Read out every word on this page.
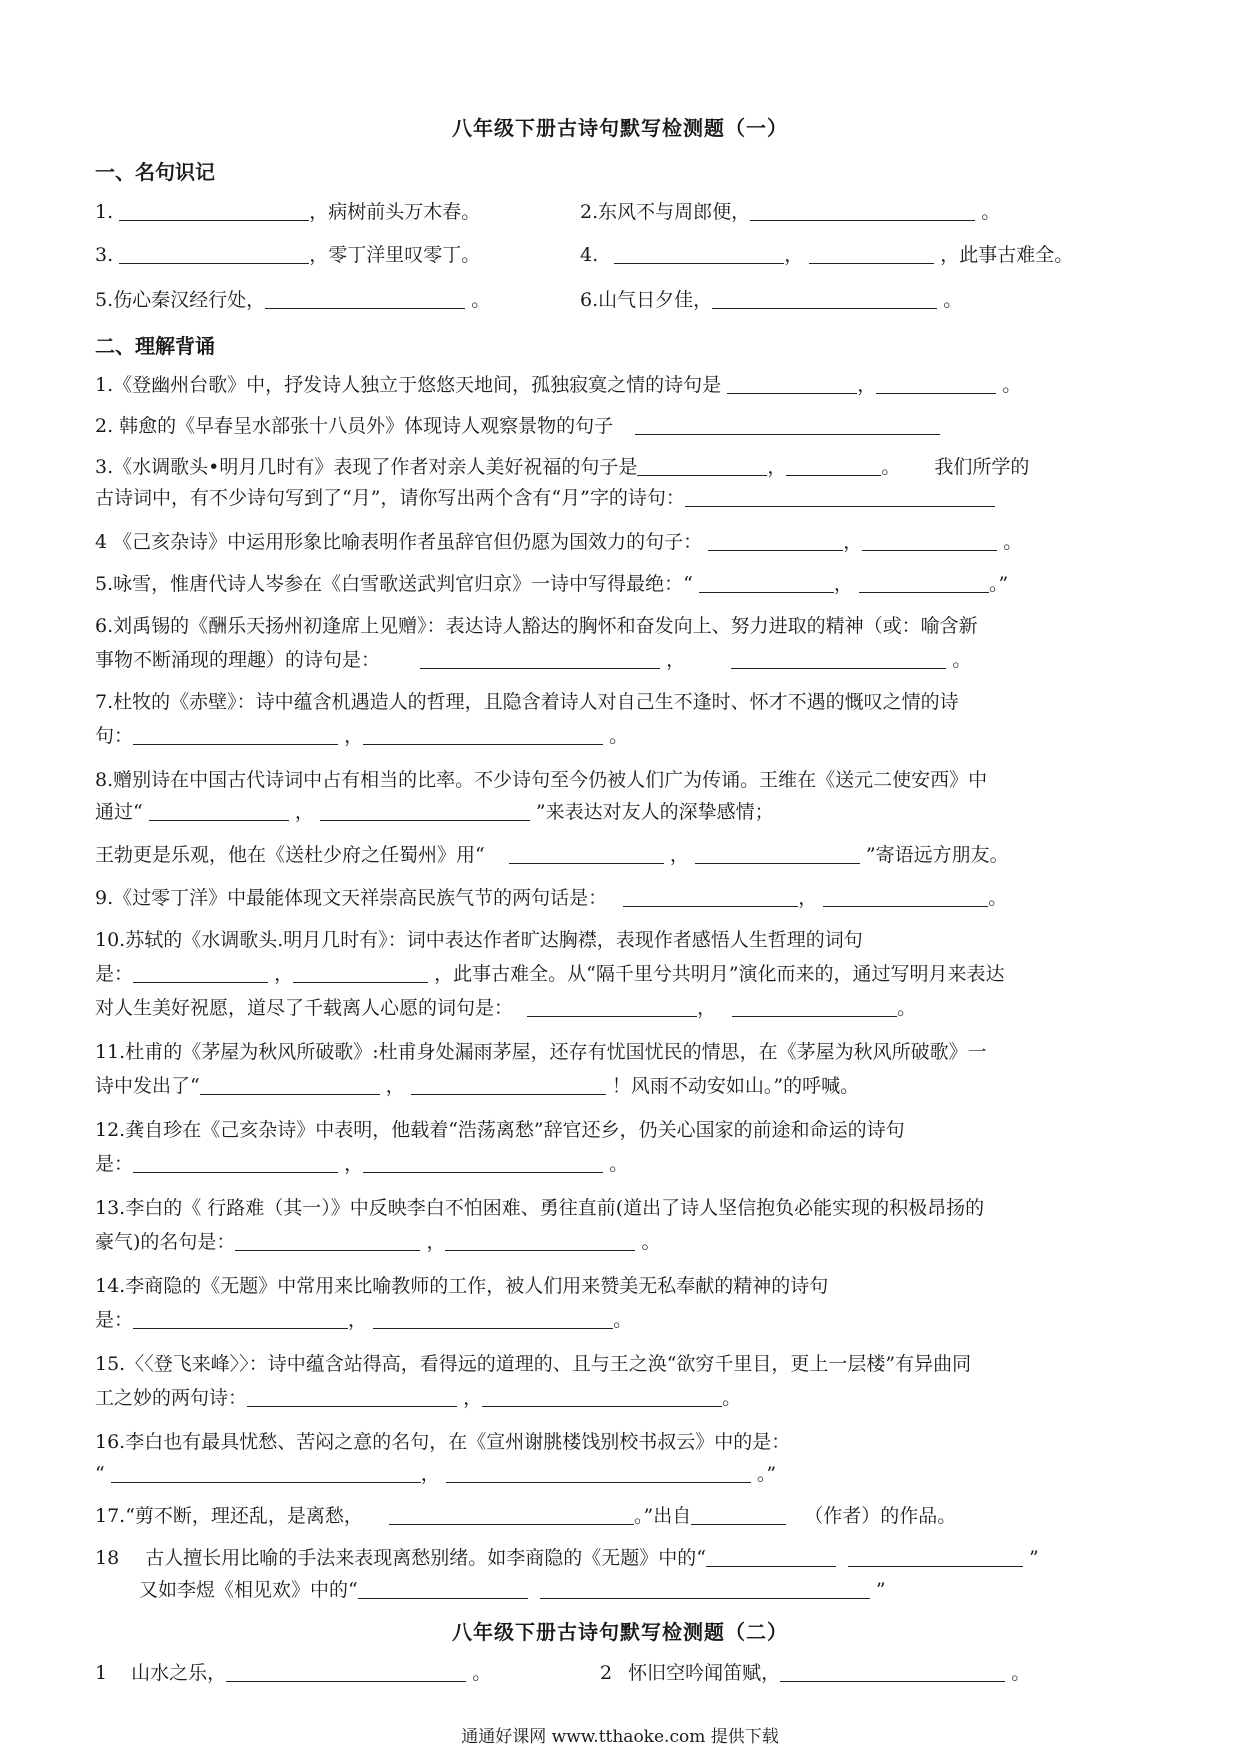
八年级下册古诗句默写检测题（一）
一、名句识记
1.	，病树前头万木春。	2.东风不与周郎便，	。
3.	，零丁洋里叹零丁。	4.	，	，此事古难全。
5.伤心秦汉经行处，	。	6.山气日夕佳，	。
二、理解背诵
1.《登幽州台歌》中，抒发诗人独立于悠悠天地间，孤独寂寞之情的诗句是	，	。
2. 韩愈的《早春呈水部张十八员外》体现诗人观察景物的句子
3.《水调歌头•明月几时有》表现了作者对亲人美好祝福的句子是	，	。 我们所学的
古诗词中，有不少诗句写到了“月”，请你写出两个含有“月”字的诗句：
4 《己亥杂诗》中运用形象比喻表明作者虽辞官但仍愿为国效力的句子：	，	。
5.咏雪，惟唐代诗人岑参在《白雪歌送武判官归京》一诗中写得最绝：“	，	。”
6.刘禹锡的《酬乐天扬州初逢席上见赠》：表达诗人豁达的胸怀和奋发向上、努力进取的精神（或：喻含新
事物不断涌现的理趣）的诗句是：	，	。
7.杜牧的《赤壁》：诗中蕴含机遇造人的哲理，且隐含着诗人对自己生不逢时、怀才不遇的慨叹之情的诗
句：	，	。
8.赠别诗在中国古代诗词中占有相当的比率。不少诗句至今仍被人们广为传诵。王维在《送元二使安西》中
通过“	，	”来表达对友人的深挚感情；
王勃更是乐观，他在《送杜少府之任蜀州》用“	，	”寄语远方朋友。
9.《过零丁洋》中最能体现文天祥崇高民族气节的两句话是：	，	。
10.苏轼的《水调歌头.明月几时有》：词中表达作者旷达胸襟，表现作者感悟人生哲理的词句
是：	，	，此事古难全。从“隔千里兮共明月”演化而来的，通过写明月来表达
对人生美好祝愿，道尽了千载离人心愿的词句是：	，	。
11.杜甫的《茅屋为秋风所破歌》:杜甫身处漏雨茅屋，还存有忧国忧民的情思，在《茅屋为秋风所破歌》一
诗中发出了“	，	！风雨不动安如山。”的呼喊。
12.龚自珍在《己亥杂诗》中表明，他载着“浩荡离愁”辞官还乡，仍关心国家的前途和命运的诗句
是：	，	。
13.李白的《 行路难（其一）》中反映李白不怕困难、勇往直前(道出了诗人坚信抱负必能实现的积极昂扬的
豪气)的名句是：	，	。
14.李商隐的《无题》中常用来比喻教师的工作，被人们用来赞美无私奉献的精神的诗句
是：	，	。
15.〈〈登飞来峰〉〉：诗中蕴含站得高，看得远的道理的、且与王之涣“欲穷千里目，更上一层楼”有异曲同
工之妙的两句诗：	，	。
16.李白也有最具忧愁、苦闷之意的名句，在《宣州谢朓楼饯别校书叔云》中的是：
“	，	。”
17.“剪不断，理还乱，是离愁，	。”出自	（作者）的作品。
18 古人擅长用比喻的手法来表现离愁别绪。如李商隐的《无题》中的“	”
又如李煜《相见欢》中的“	”
八年级下册古诗句默写检测题（二）
1 山水之乐，	。	2 怀旧空吟闻笛赋，	。
通通好课网 www.tthaoke.com 提供下载
